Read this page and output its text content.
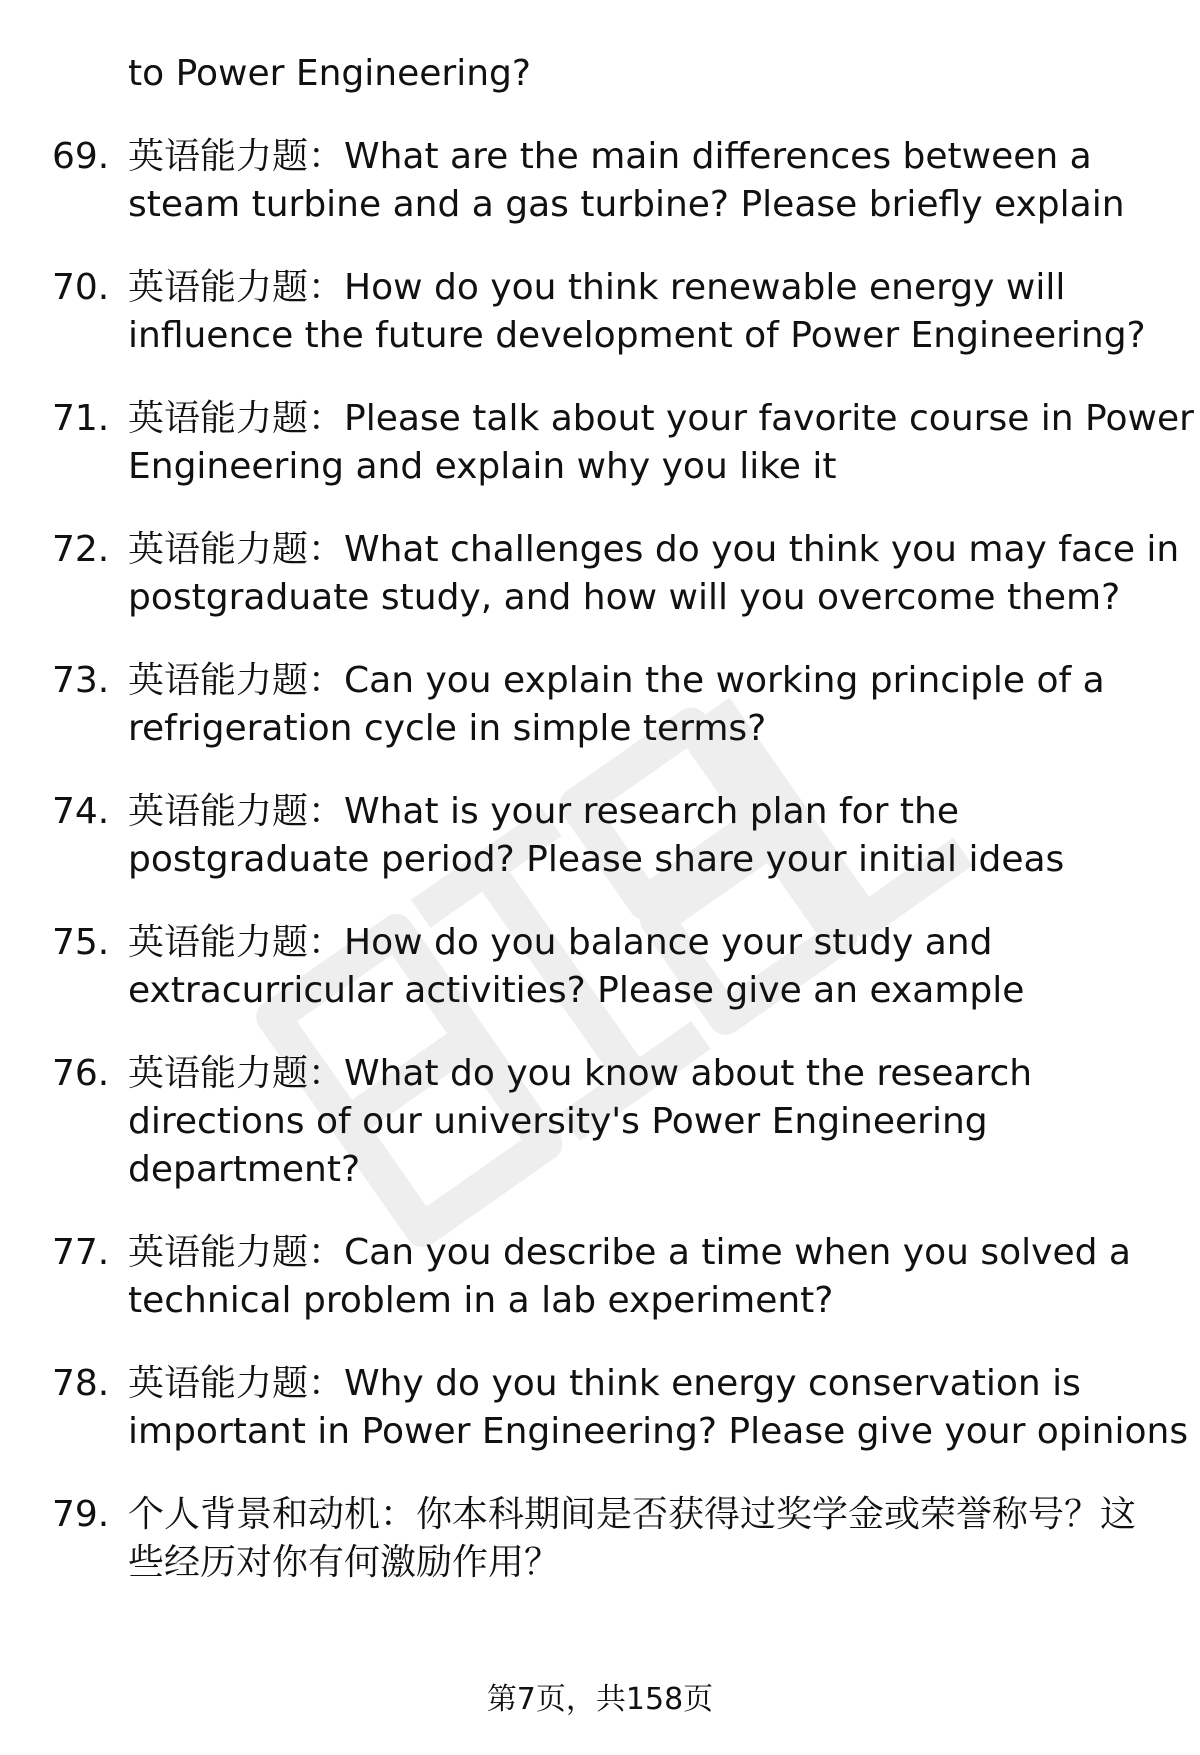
to Power Engineering?
69. 英语能力题：What are the main differences between a
steam turbine and a gas turbine? Please briefly explain
70. 英语能力题：How do you think renewable energy will
influence the future development of Power Engineering?
71. 英语能力题：Please talk about your favorite course in Power
Engineering and explain why you like it
72. 英语能力题：What challenges do you think you may face in
postgraduate study, and how will you overcome them?
73. 英语能力题：Can you explain the working principle of a
refrigeration cycle in simple terms?
74. 英语能力题：What is your research plan for the
postgraduate period? Please share your initial ideas
75. 英语能力题：How do you balance your study and
extracurricular activities? Please give an example
76. 英语能力题：What do you know about the research
directions of our university's Power Engineering
department?
77. 英语能力题：Can you describe a time when you solved a
technical problem in a lab experiment?
78. 英语能力题：Why do you think energy conservation is
important in Power Engineering? Please give your opinions
79. 个人背景和动机：你本科期间是否获得过奖学金或荣誉称号？这
些经历对你有何激励作用？
第7页，共158页
